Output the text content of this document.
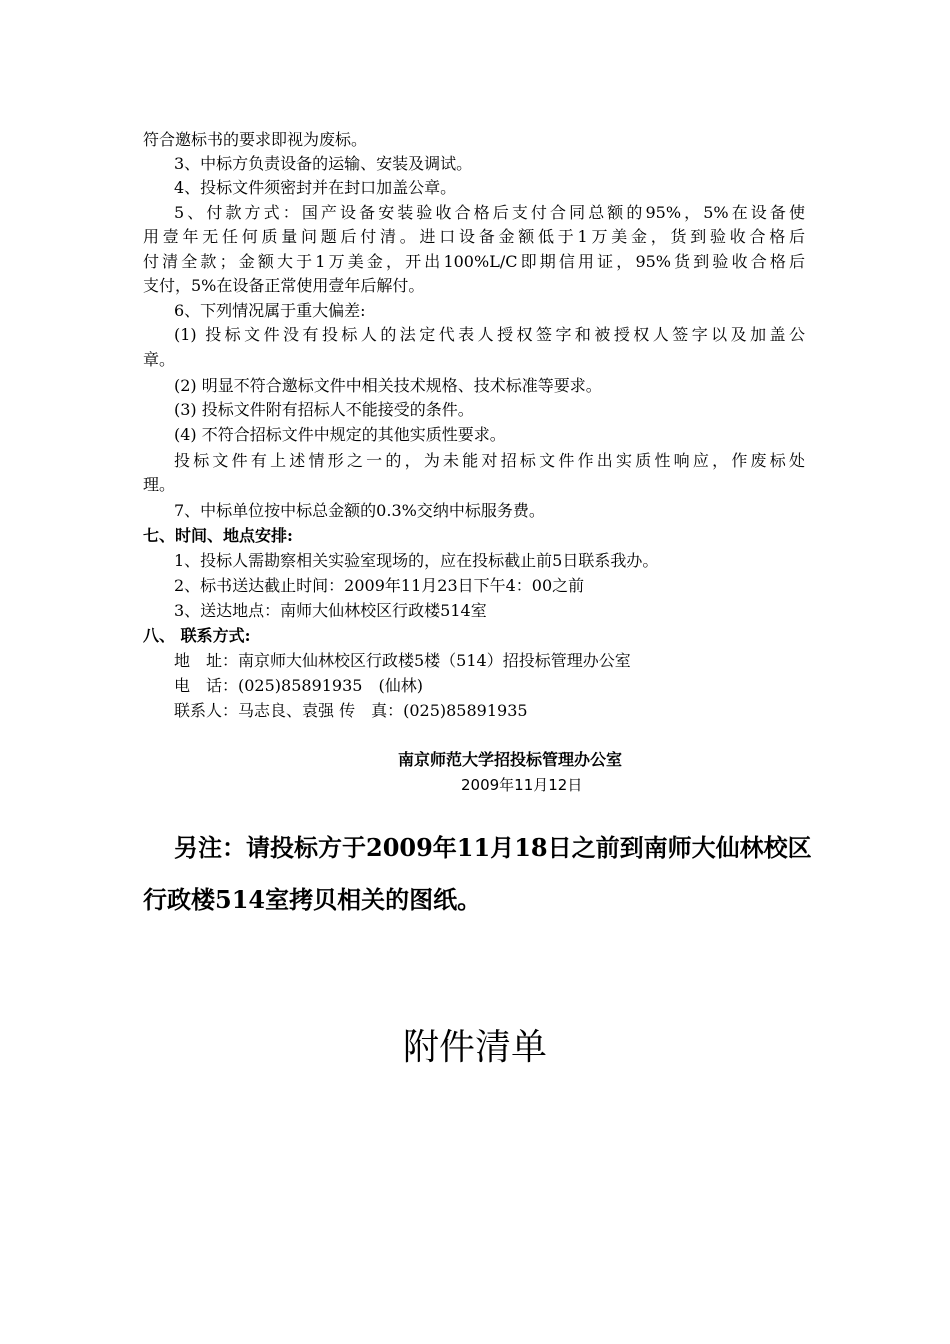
符合邀标书的要求即视为废标。
3、中标方负责设备的运输、安装及调试。
4、投标文件须密封并在封口加盖公章。
5、付款方式：国产设备安装验收合格后支付合同总额的95%，5%在设备使
用壹年无任何质量问题后付清。进口设备金额低于1万美金，货到验收合格后
付清全款；金额大于1万美金，开出100%L/C即期信用证，95%货到验收合格后
支付，5%在设备正常使用壹年后解付。
6、下列情况属于重大偏差:
(1) 投标文件没有投标人的法定代表人授权签字和被授权人签字以及加盖公
章。
(2) 明显不符合邀标文件中相关技术规格、技术标准等要求。
(3) 投标文件附有招标人不能接受的条件。
(4) 不符合招标文件中规定的其他实质性要求。
投标文件有上述情形之一的，为未能对招标文件作出实质性响应，作废标处
理。
7、中标单位按中标总金额的0.3%交纳中标服务费。
七、时间、地点安排:
1、投标人需勘察相关实验室现场的，应在投标截止前5日联系我办。
2、标书送达截止时间：2009年11月23日下午4：00之前
3、送达地点：南师大仙林校区行政楼514室
八、 联系方式:
地　址：南京师大仙林校区行政楼5楼（514）招投标管理办公室
电　话：(025)85891935　(仙林)
联系人：马志良、袁强 传　真：(025)85891935
南京师范大学招投标管理办公室
2009年11月12日
另注：请投标方于2009年11月18日之前到南师大仙林校区
行政楼514室拷贝相关的图纸。
附件清单
